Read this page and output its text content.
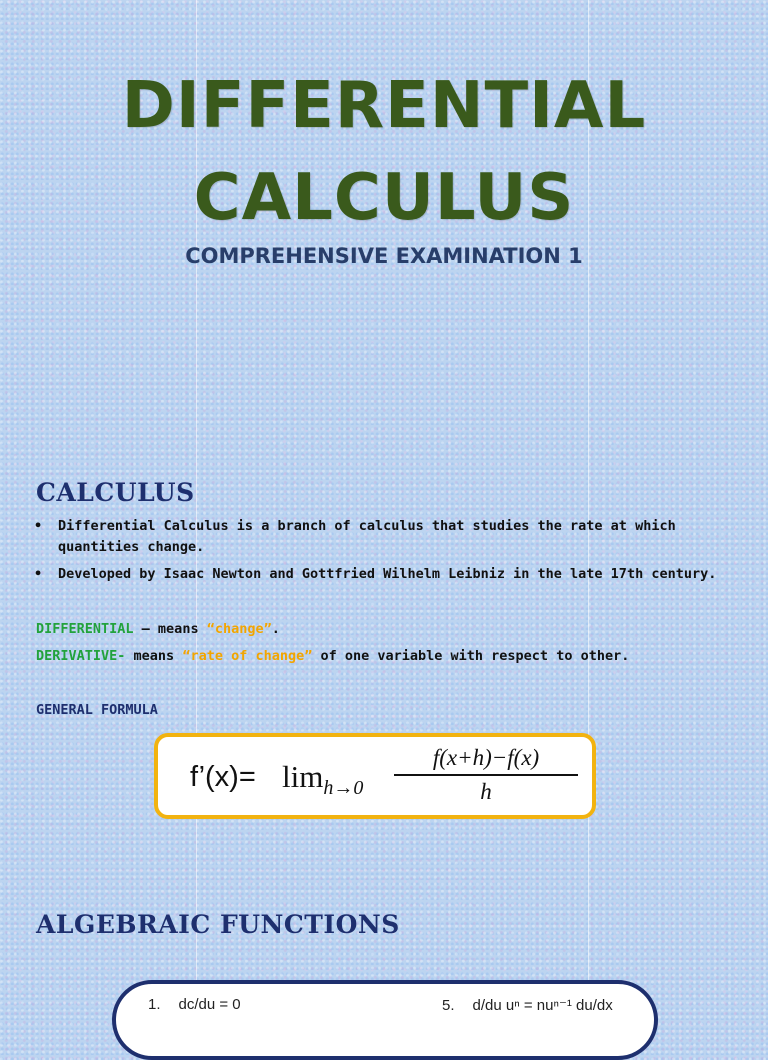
DIFFERENTIAL
CALCULUS
COMPREHENSIVE EXAMINATION 1
CALCULUS
• Differential Calculus is a branch of calculus that studies the rate at which quantities change.
• Developed by Isaac Newton and Gottfried Wilhelm Leibniz in the late 17th century.
DIFFERENTIAL – means “change”.
DERIVATIVE- means “rate of change” of one variable with respect to other.
GENERAL FORMULA
f’(x)= $\lim_{h\to 0} \frac{f(x+h)-f(x)}{h}$
ALGEBRAIC FUNCTIONS
1. dc/du = 0	5. d/du uⁿ = nuⁿ⁻¹ du/dx
